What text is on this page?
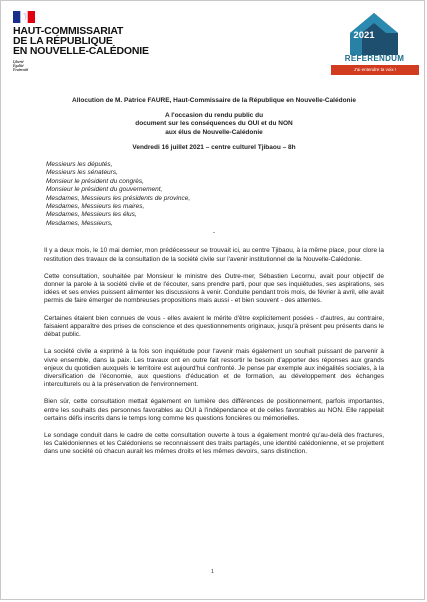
HAUT-COMMISSARIAT
DE LA RÉPUBLIQUE
EN NOUVELLE-CALÉDONIE
Liberté
Égalité
Fraternité
2021
RÉFÉRENDUM
J'ai entendre ta voix !

Allocution de M. Patrice FAURE, Haut-Commissaire de la République en Nouvelle-Calédonie

A l'occasion du rendu public du

document sur les conséquences du OUI et du NON

aux élus de Nouvelle-Calédonie

Vendredi 16 juillet 2021 – centre culturel Tjibaou – 8h

Messieurs les députés,

Messieurs les sénateurs,

Monsieur le président du congrès,

Monsieur le président du gouvernement,

Mesdames, Messieurs les présidents de province,

Mesdames, Messieurs les maires,

Mesdames, Messieurs les élus,

Mesdames, Messieurs,

-

Il y a deux mois, le 10 mai dernier, mon prédécesseur se trouvait ici, au centre Tjibaou, à la même place, pour clore la restitution des travaux de la consultation de la société civile sur l'avenir institutionnel de la Nouvelle-Calédonie.

Cette consultation, souhaitée par Monsieur le ministre des Outre-mer, Sébastien Lecornu, avait pour objectif de donner la parole à la société civile et de l'écouter, sans prendre parti, pour que ses inquiétudes, ses aspirations, ses idées et ses envies puissent alimenter les discussions à venir. Conduite pendant trois mois, de février à avril, elle avait permis de faire émerger de nombreuses propositions mais aussi - et bien souvent - des attentes.

Certaines étaient bien connues de vous - elles avaient le mérite d'être explicitement posées - d'autres, au contraire, faisaient apparaître des prises de conscience et des questionnements originaux, jusqu'à présent peu présents dans le débat public.

La société civile a exprimé à la fois son inquiétude pour l'avenir mais également un souhait puissant de parvenir à vivre ensemble, dans la paix. Les travaux ont en outre fait ressortir le besoin d'apporter des réponses aux grands enjeux du quotidien auxquels le territoire est aujourd'hui confronté. Je pense par exemple aux inégalités sociales, à la diversification de l'économie, aux questions d'éducation et de formation, au développement des échanges interculturels ou à la préservation de l'environnement.

Bien sûr, cette consultation mettait également en lumière des différences de positionnement, parfois importantes, entre les souhaits des personnes favorables au OUI à l'indépendance et de celles favorables au NON. Elle rappelait certains défis inscrits dans le temps long comme les questions foncières ou mémorielles.

Le sondage conduit dans le cadre de cette consultation ouverte à tous a également montré qu'au-delà des fractures, les Calédoniennes et les Calédoniens se reconnaissent des traits partagés, une identité calédonienne, et se projettent dans une société où chacun aurait les mêmes droits et les mêmes devoirs, sans distinction.

1
